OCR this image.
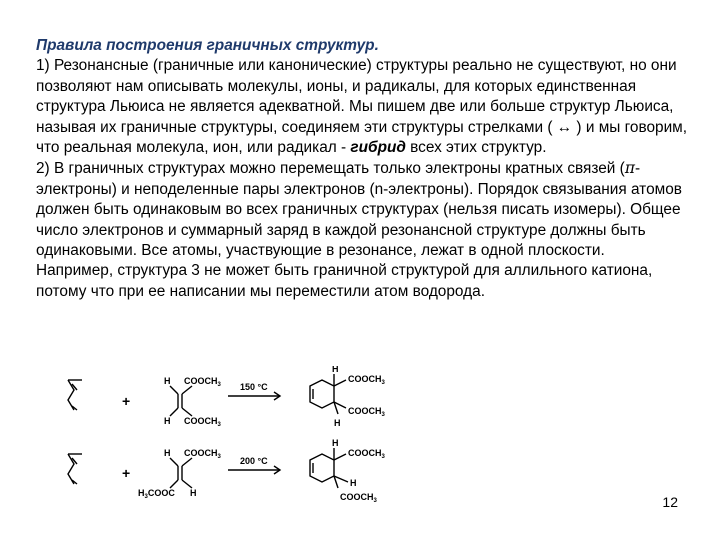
Правила построения граничных структур.

1) Резонансные (граничные или канонические) структуры реально не существуют, но они позволяют нам описывать молекулы, ионы, и радикалы, для которых единственная структура Льюиса не является адекватной. Мы пишем две или больше структур Льюиса, называя их граничные структуры, соединяем эти структуры стрелками ( ↔ ) и мы говорим, что реальная молекула, ион, или радикал - гибрид всех этих структур.

2) В граничных структурах можно перемещать только электроны кратных связей (π-электроны) и неподеленные пары электронов (n-электроны). Порядок связывания атомов должен быть одинаковым во всех граничных структурах (нельзя писать изомеры). Общее число электронов и суммарный заряд в каждой резонансной структуре должны быть одинаковыми. Все атомы, участвующие в резонансе, лежат в одной плоскости.

Например, структура 3 не может быть граничной структурой для аллильного катиона, потому что при ее написании мы переместили атом водорода.

+
H $COOCH_3$
H $COOCH_3$
150 °C
H
$COOCH_3$
$COOCH_3$
H
+
H $COOCH_3$
$H_3COOC$ H
200 °C
H
$COOCH_3$
H
$COOCH_3$	12
